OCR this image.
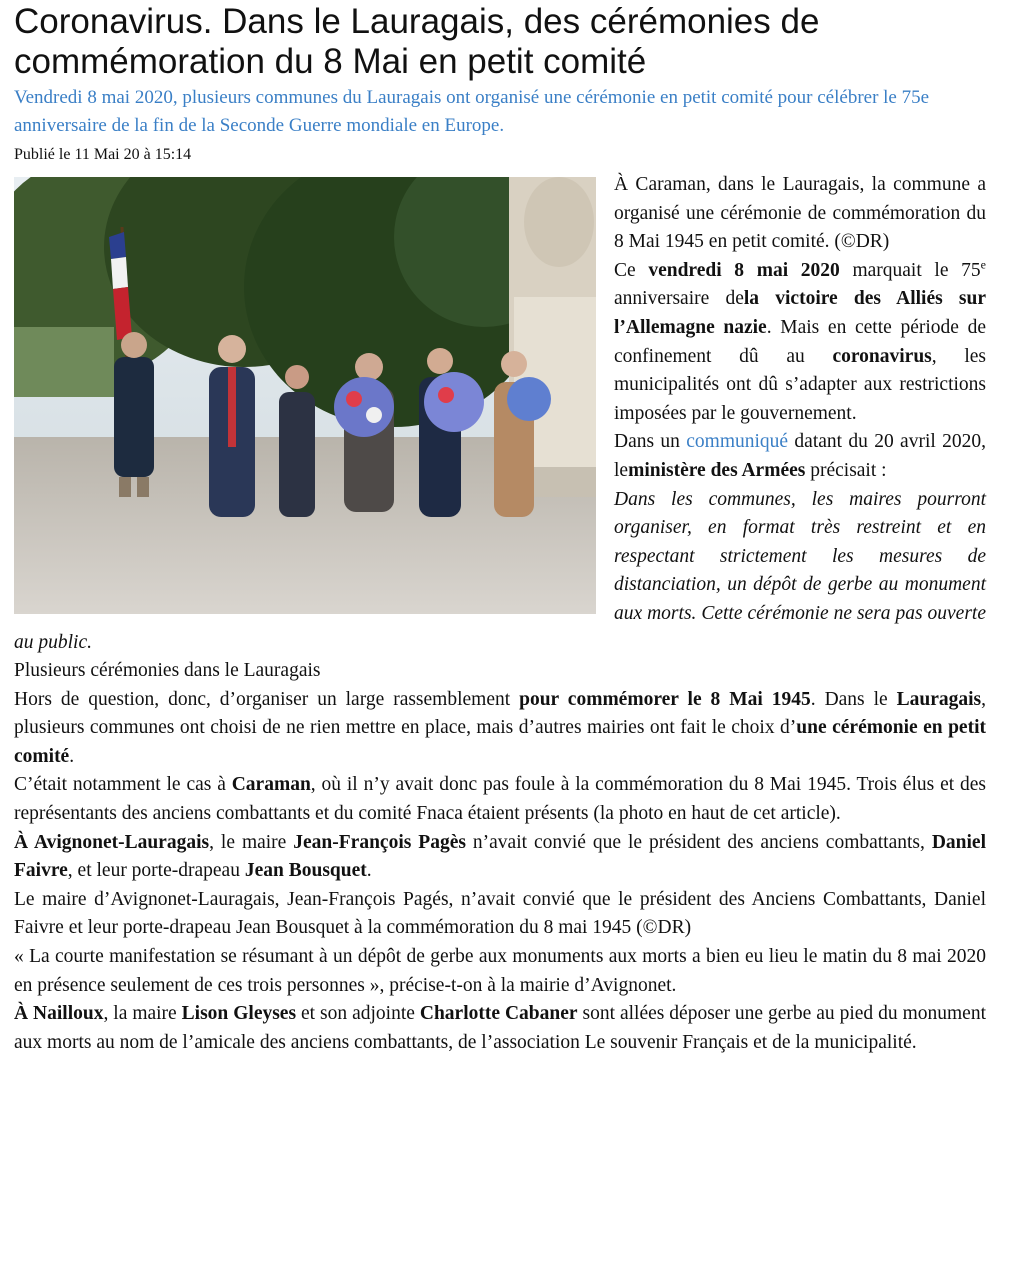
Coronavirus. Dans le Lauragais, des cérémonies de commémoration du 8 Mai en petit comité
Vendredi 8 mai 2020, plusieurs communes du Lauragais ont organisé une cérémonie en petit comité pour célébrer le 75e anniversaire de la fin de la Seconde Guerre mondiale en Europe.
Publié le 11 Mai 20 à 15:14

À Caraman, dans le Lauragais, la commune a organisé une cérémonie de commémoration du 8 Mai 1945 en petit comité. (©DR)

Ce vendredi 8 mai 2020 marquait le 75e anniversaire dela victoire des Alliés sur l’Allemagne nazie. Mais en cette période de confinement dû au coronavirus, les municipalités ont dû s’adapter aux restrictions imposées par le gouvernement.

Dans un communiqué datant du 20 avril 2020, leministère des Armées précisait :

Dans les communes, les maires pourront organiser, en format très restreint et en respectant strictement les mesures de distanciation, un dépôt de gerbe au monument aux morts. Cette cérémonie ne sera pas ouverte au public.

Plusieurs cérémonies dans le Lauragais

Hors de question, donc, d’organiser un large rassemblement pour commémorer le 8 Mai 1945. Dans le Lauragais, plusieurs communes ont choisi de ne rien mettre en place, mais d’autres mairies ont fait le choix d’une cérémonie en petit comité.

C’était notamment le cas à Caraman, où il n’y avait donc pas foule à la commémoration du 8 Mai 1945. Trois élus et des représentants des anciens combattants et du comité Fnaca étaient présents (la photo en haut de cet article).

À Avignonet-Lauragais, le maire Jean-François Pagès n’avait convié que le président des anciens combattants, Daniel Faivre, et leur porte-drapeau Jean Bousquet.

Le maire d’Avignonet-Lauragais, Jean-François Pagés, n’avait convié que le président des Anciens Combattants, Daniel Faivre et leur porte-drapeau Jean Bousquet à la commémoration du 8 mai 1945 (©DR)

« La courte manifestation se résumant à un dépôt de gerbe aux monuments aux morts a bien eu lieu le matin du 8 mai 2020 en présence seulement de ces trois personnes », précise-t-on à la mairie d’Avignonet.

À Nailloux, la maire Lison Gleyses et son adjointe Charlotte Cabaner sont allées déposer une gerbe au pied du monument aux morts au nom de l’amicale des anciens combattants, de l’association Le souvenir Français et de la municipalité.
